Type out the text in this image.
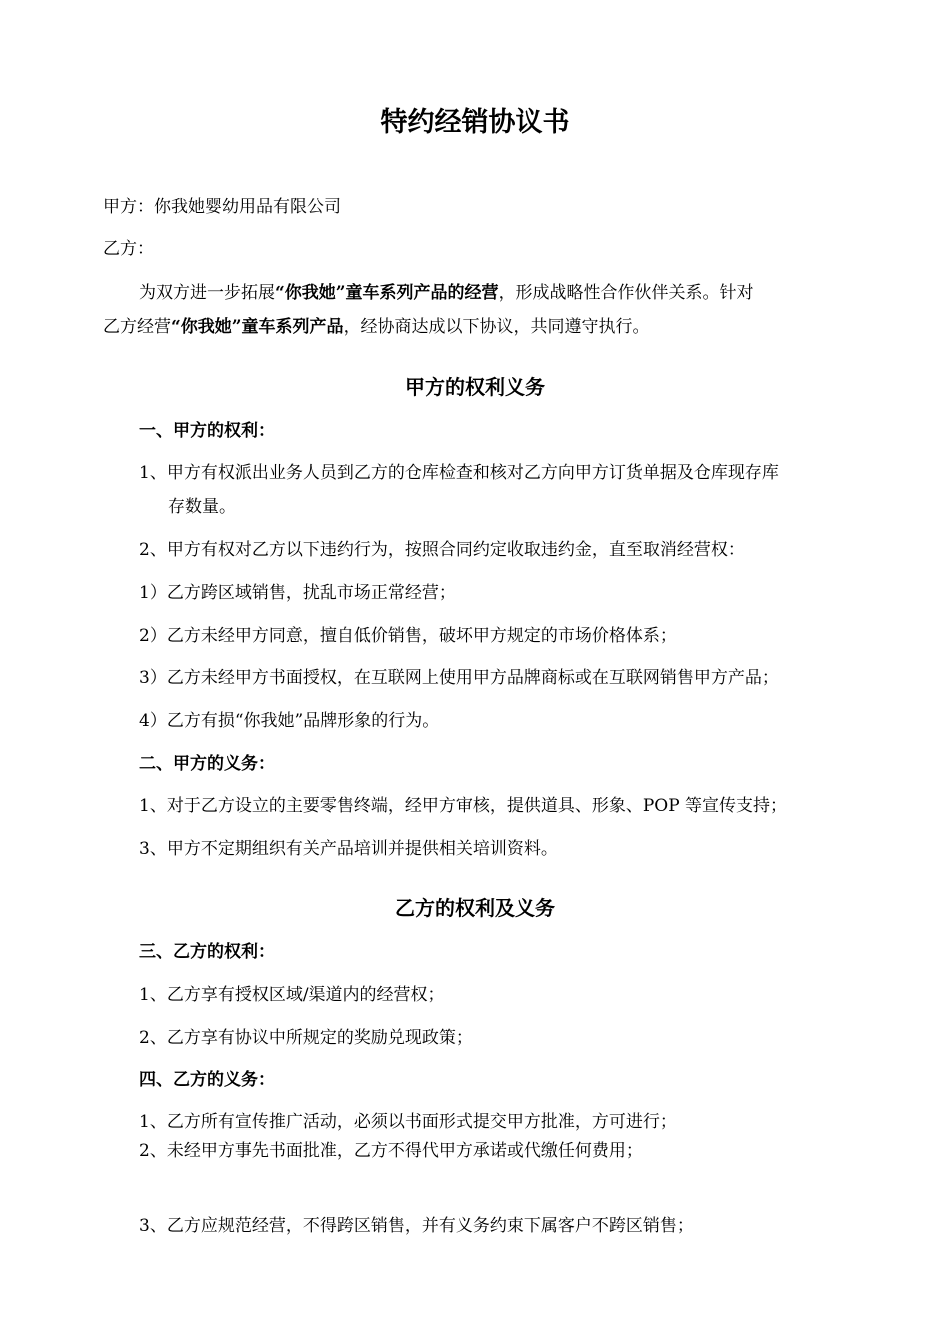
特约经销协议书
甲方：你我她婴幼用品有限公司
乙方：
为双方进一步拓展“你我她”童车系列产品的经营，形成战略性合作伙伴关系。针对
乙方经营“你我她”童车系列产品，经协商达成以下协议，共同遵守执行。
甲方的权利义务
一、甲方的权利：
1、甲方有权派出业务人员到乙方的仓库检查和核对乙方向甲方订货单据及仓库现存库
存数量。
2、甲方有权对乙方以下违约行为，按照合同约定收取违约金，直至取消经营权：
1）乙方跨区域销售，扰乱市场正常经营；
2）乙方未经甲方同意，擅自低价销售，破坏甲方规定的市场价格体系；
3）乙方未经甲方书面授权，在互联网上使用甲方品牌商标或在互联网销售甲方产品；
4）乙方有损“你我她”品牌形象的行为。
二、甲方的义务：
1、对于乙方设立的主要零售终端，经甲方审核，提供道具、形象、POP 等宣传支持；
3、甲方不定期组织有关产品培训并提供相关培训资料。
乙方的权利及义务
三、乙方的权利：
1、乙方享有授权区域/渠道内的经营权；
2、乙方享有协议中所规定的奖励兑现政策；
四、乙方的义务：
1、乙方所有宣传推广活动，必须以书面形式提交甲方批准，方可进行；
2、未经甲方事先书面批准，乙方不得代甲方承诺或代缴任何费用；
3、乙方应规范经营，不得跨区销售，并有义务约束下属客户不跨区销售；
